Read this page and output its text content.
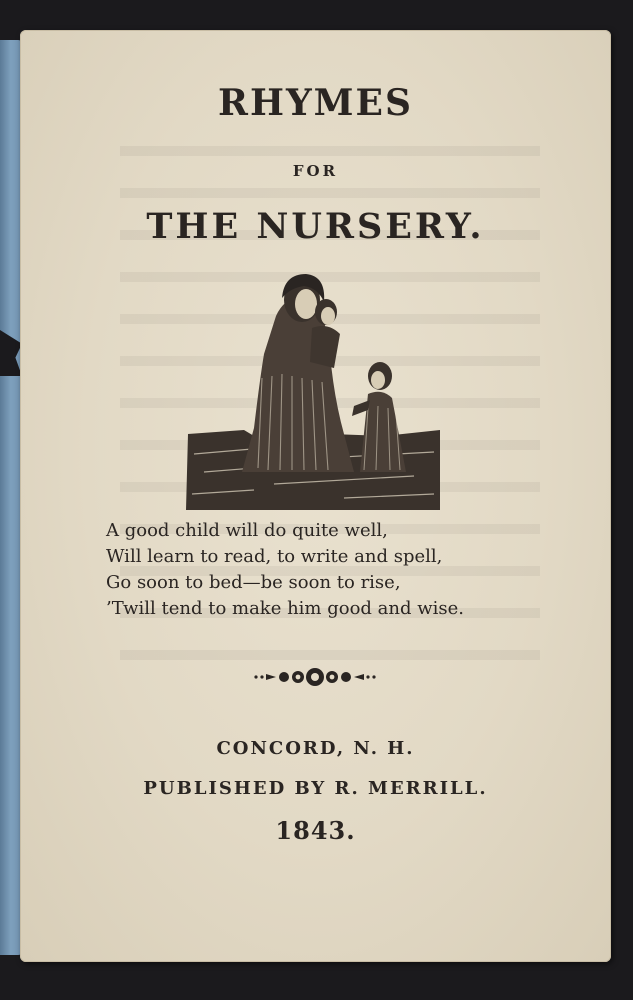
RHYMES
FOR
THE NURSERY.
A good child will do quite well,
Will learn to read, to write and spell,
Go soon to bed—be soon to rise,
’Twill tend to make him good and wise.
CONCORD, N. H.
PUBLISHED BY R. MERRILL.
1843.
